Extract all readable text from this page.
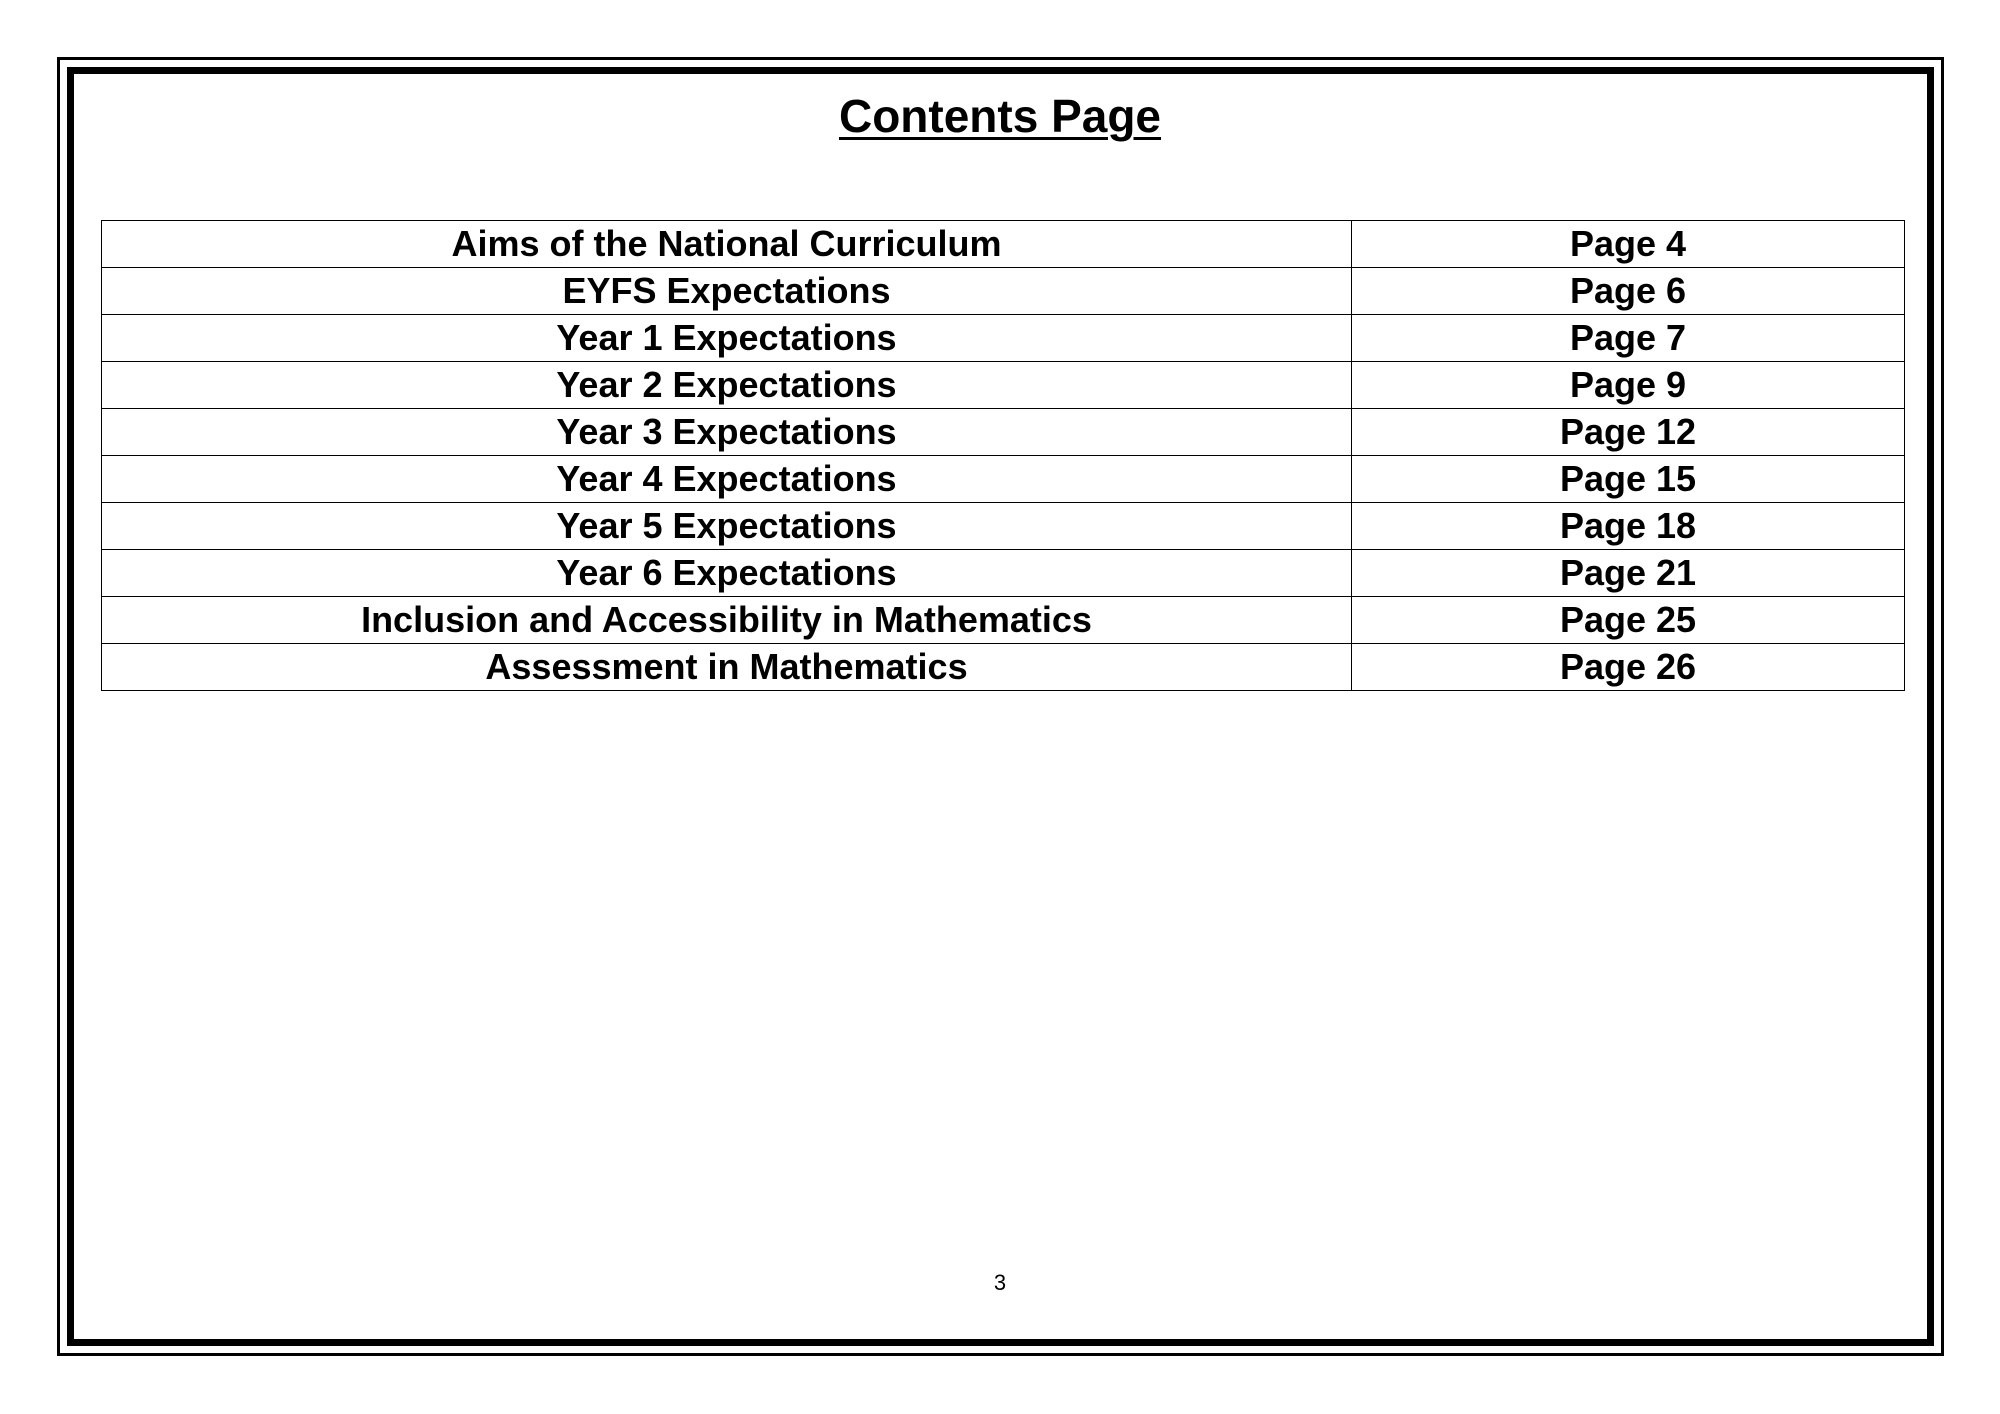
Contents Page
Aims of the National Curriculum	Page 4
EYFS Expectations	Page 6
Year 1 Expectations	Page 7
Year 2 Expectations	Page 9
Year 3 Expectations	Page 12
Year 4 Expectations	Page 15
Year 5 Expectations	Page 18
Year 6 Expectations	Page 21
Inclusion and Accessibility in Mathematics	Page 25
Assessment in Mathematics	Page 26
3
